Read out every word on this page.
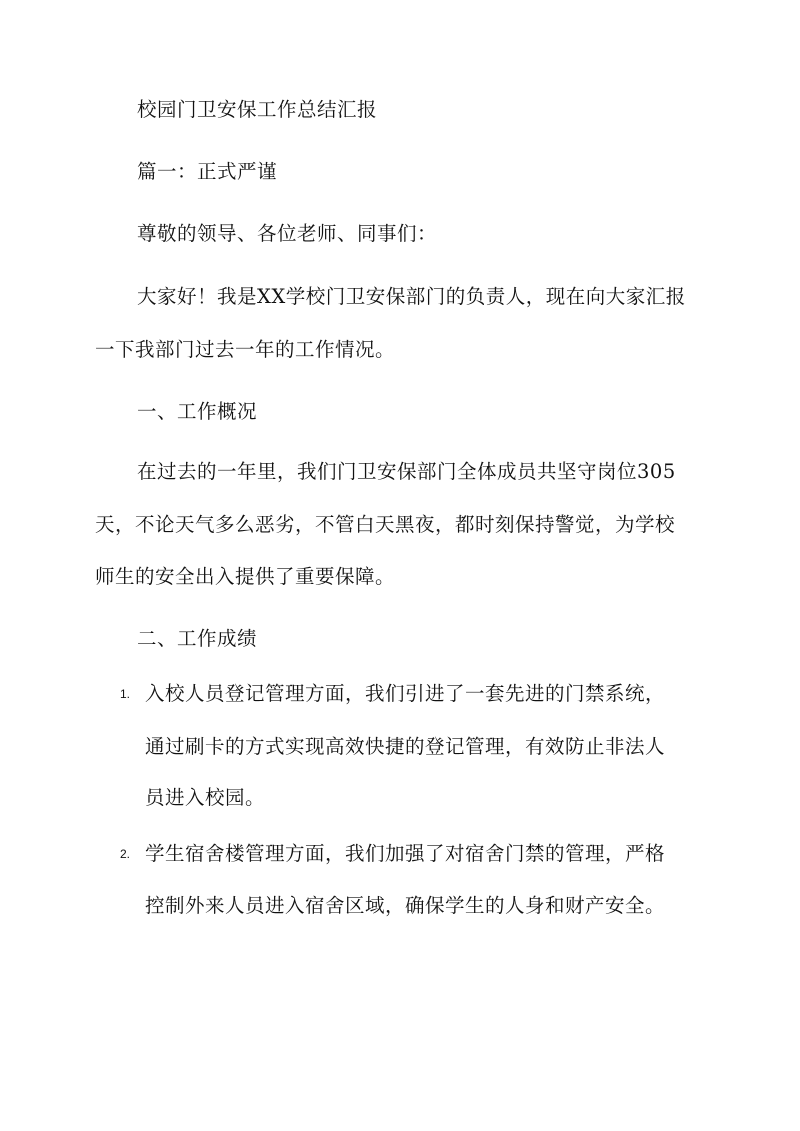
校园门卫安保工作总结汇报
篇一：正式严谨
尊敬的领导、各位老师、同事们：
大家好！我是XX学校门卫安保部门的负责人，现在向大家汇报
一下我部门过去一年的工作情况。
一、工作概况
在过去的一年里，我们门卫安保部门全体成员共坚守岗位305
天，不论天气多么恶劣，不管白天黑夜，都时刻保持警觉，为学校
师生的安全出入提供了重要保障。
二、工作成绩
1. 入校人员登记管理方面，我们引进了一套先进的门禁系统，
通过刷卡的方式实现高效快捷的登记管理，有效防止非法人
员进入校园。
2. 学生宿舍楼管理方面，我们加强了对宿舍门禁的管理，严格
控制外来人员进入宿舍区域，确保学生的人身和财产安全。
